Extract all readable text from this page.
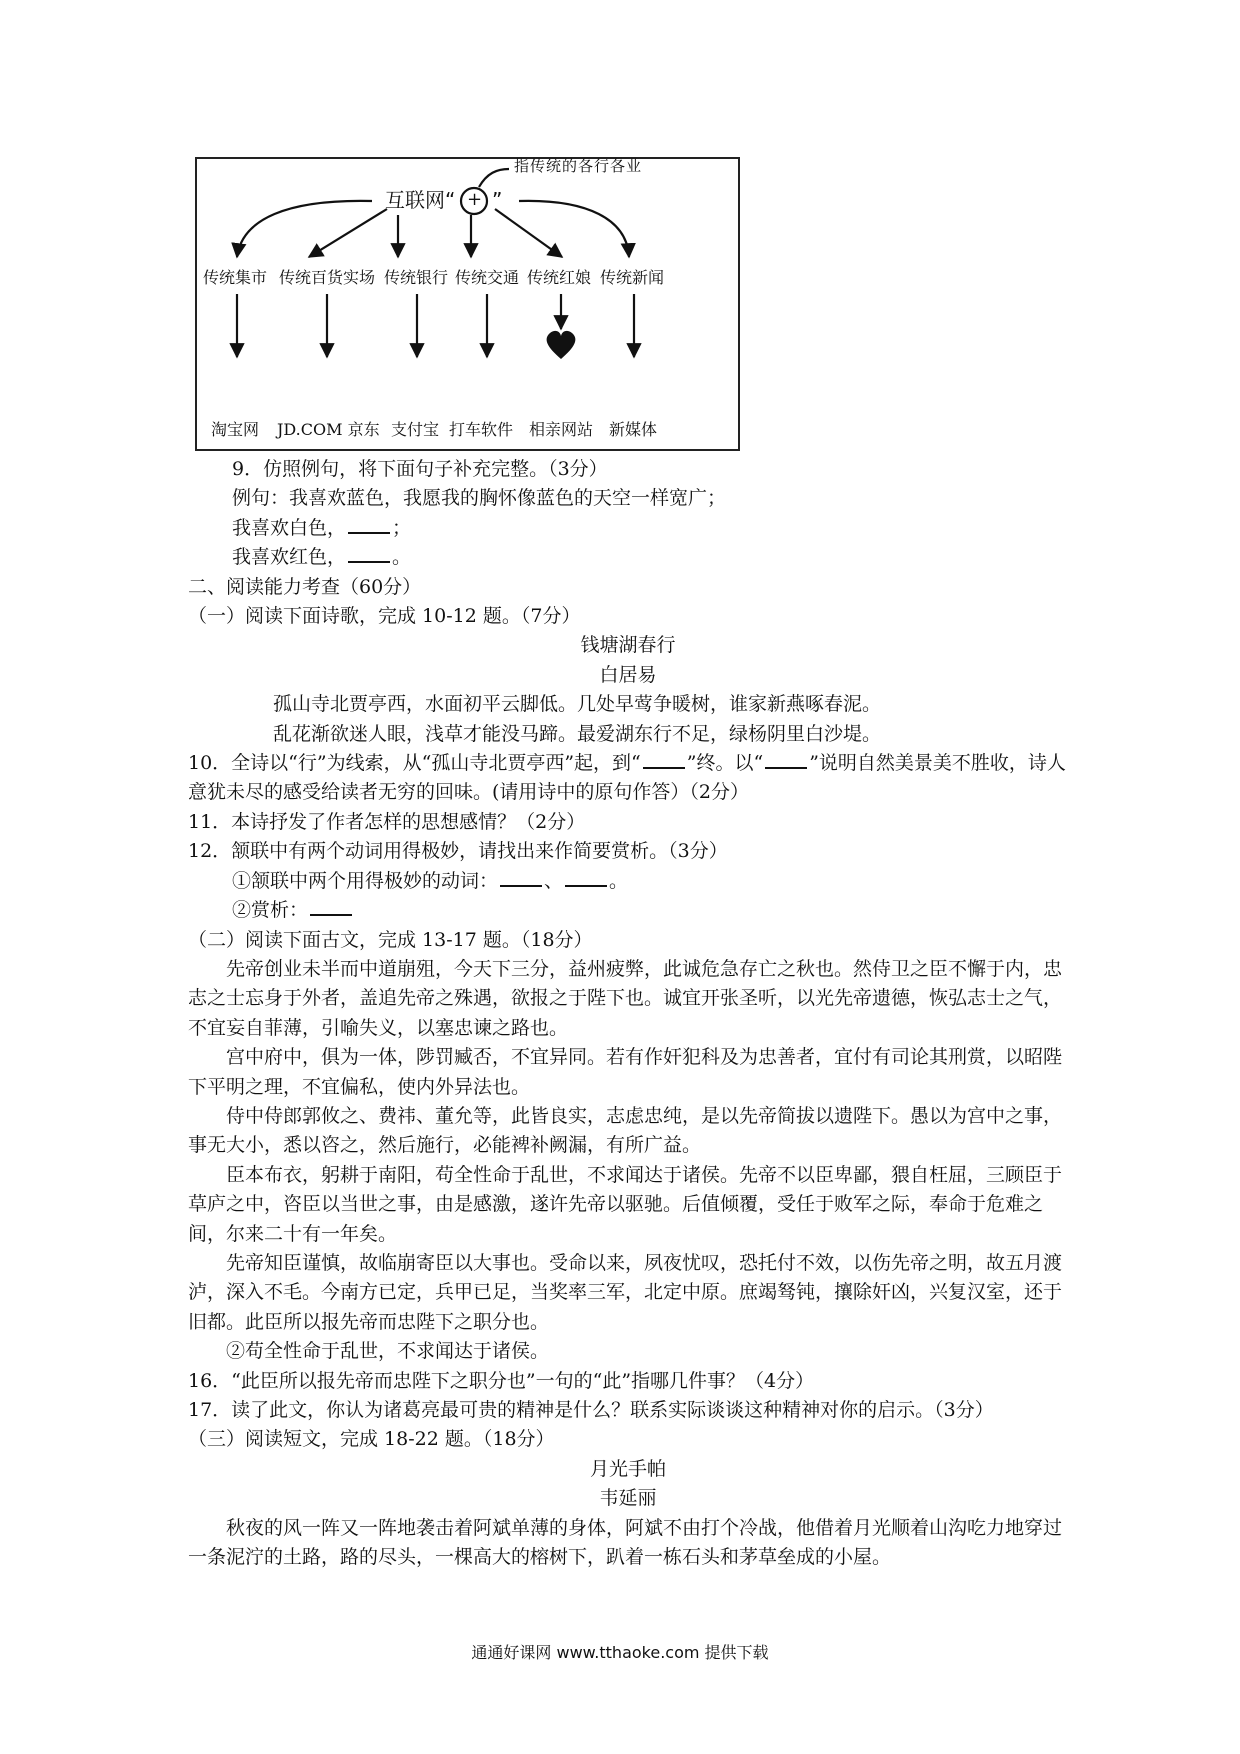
互联网“ + ”
指传统的各行各业
传统集市 传统百货实场 传统银行 传统交通 传统红娘 传统新闻
淘宝网 JD.COM 京东 支付宝 打车软件 相亲网站 新媒体

9．仿照例句，将下面句子补充完整。（3分）

例句：我喜欢蓝色，我愿我的胸怀像蓝色的天空一样宽广；

我喜欢白色， ；

我喜欢红色， 。

二、阅读能力考查（60分）

（一）阅读下面诗歌，完成 10-12 题。（7分）

钱塘湖春行

白居易

孤山寺北贾亭西，水面初平云脚低。几处早莺争暖树，谁家新燕啄春泥。

乱花渐欲迷人眼，浅草才能没马蹄。最爱湖东行不足，绿杨阴里白沙堤。

10．全诗以“行”为线索，从“孤山寺北贾亭西”起，到“ ”终。以“ ”说明自然美景美不胜收，诗人意犹未尽的感受给读者无穷的回味。(请用诗中的原句作答）（2分）

11．本诗抒发了作者怎样的思想感情？（2分）

12．颔联中有两个动词用得极妙，请找出来作简要赏析。（3分）

①颔联中两个用得极妙的动词： 、 。

②赏析：

（二）阅读下面古文，完成 13-17 题。（18分）

先帝创业未半而中道崩殂，今天下三分，益州疲弊，此诚危急存亡之秋也。然侍卫之臣不懈于内，忠志之士忘身于外者，盖追先帝之殊遇，欲报之于陛下也。诚宜开张圣听，以光先帝遗德，恢弘志士之气，不宜妄自菲薄，引喻失义，以塞忠谏之路也。

宫中府中，俱为一体，陟罚臧否，不宜异同。若有作奸犯科及为忠善者，宜付有司论其刑赏，以昭陛下平明之理，不宜偏私，使内外异法也。

侍中侍郎郭攸之、费祎、董允等，此皆良实，志虑忠纯，是以先帝简拔以遗陛下。愚以为宫中之事，事无大小，悉以咨之，然后施行，必能裨补阙漏，有所广益。

臣本布衣，躬耕于南阳，苟全性命于乱世，不求闻达于诸侯。先帝不以臣卑鄙，猥自枉屈，三顾臣于草庐之中，咨臣以当世之事，由是感激，遂许先帝以驱驰。后值倾覆，受任于败军之际，奉命于危难之间，尔来二十有一年矣。

先帝知臣谨慎，故临崩寄臣以大事也。受命以来，夙夜忧叹，恐托付不效，以伤先帝之明，故五月渡泸，深入不毛。今南方已定，兵甲已足，当奖率三军，北定中原。庶竭驽钝，攘除奸凶，兴复汉室，还于旧都。此臣所以报先帝而忠陛下之职分也。

②苟全性命于乱世，不求闻达于诸侯。

16．“此臣所以报先帝而忠陛下之职分也”一句的“此”指哪几件事？（4分）

17．读了此文，你认为诸葛亮最可贵的精神是什么？联系实际谈谈这种精神对你的启示。（3分）

（三）阅读短文，完成 18-22 题。（18分）

月光手帕

韦延丽

秋夜的风一阵又一阵地袭击着阿斌单薄的身体，阿斌不由打个冷战，他借着月光顺着山沟吃力地穿过一条泥泞的土路，路的尽头，一棵高大的榕树下，趴着一栋石头和茅草垒成的小屋。

通通好课网 www.tthaoke.com 提供下载
